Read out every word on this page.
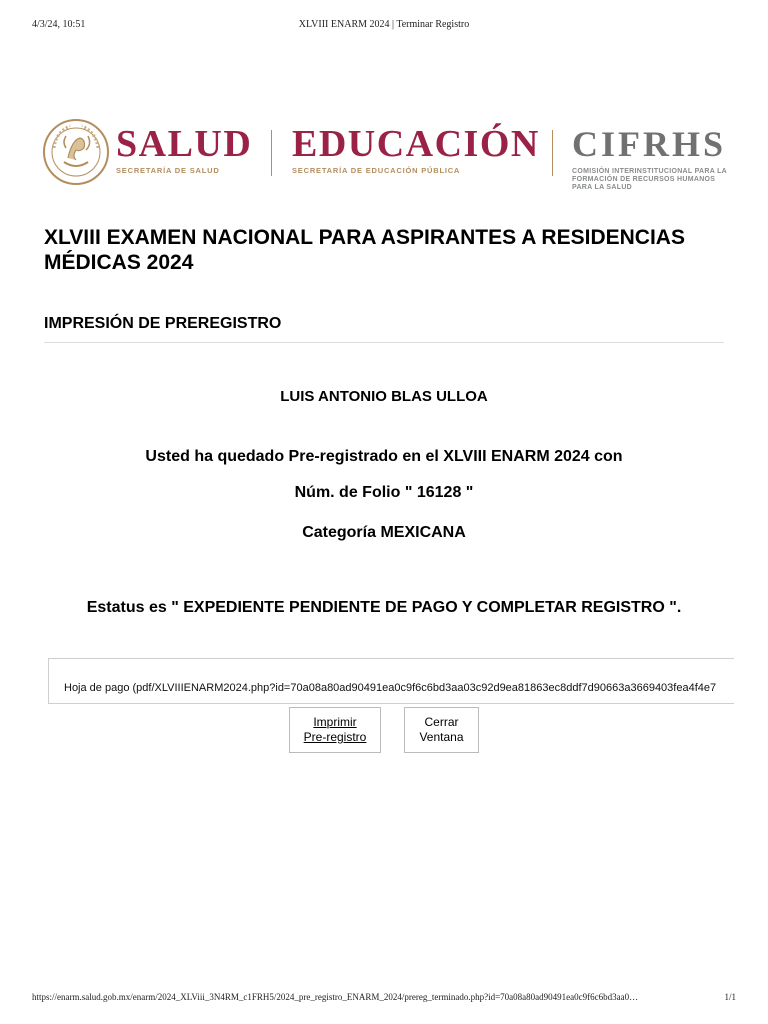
4/3/24, 10:51	XLVIII ENARM 2024 | Terminar Registro
SALUD
SECRETARÍA DE SALUD
EDUCACIÓN
SECRETARÍA DE EDUCACIÓN PÚBLICA
CIFRHS
COMISIÓN INTERINSTITUCIONAL PARA LA FORMACIÓN DE RECURSOS HUMANOS PARA LA SALUD
XLVIII EXAMEN NACIONAL PARA ASPIRANTES A RESIDENCIAS MÉDICAS 2024
IMPRESIÓN DE PREREGISTRO

LUIS ANTONIO BLAS ULLOA

Usted ha quedado Pre-registrado en el XLVIII ENARM 2024 con

Núm. de Folio " 16128 "

Categoría MEXICANA

Estatus es " EXPEDIENTE PENDIENTE DE PAGO Y COMPLETAR REGISTRO ".

Hoja de pago (pdf/XLVIIIENARM2024.php?id=70a08a80ad90491ea0c9f6c6bd3aa03c92d9ea81863ec8ddf7d90663a3669403fea4f4e7
Imprimir
Pre-registro
Cerrar
Ventana
https://enarm.salud.gob.mx/enarm/2024_XLViii_3N4RM_c1FRH5/2024_pre_registro_ENARM_2024/prereg_terminado.php?id=70a08a80ad90491ea0c9f6c6bd3aa0…	1/1
